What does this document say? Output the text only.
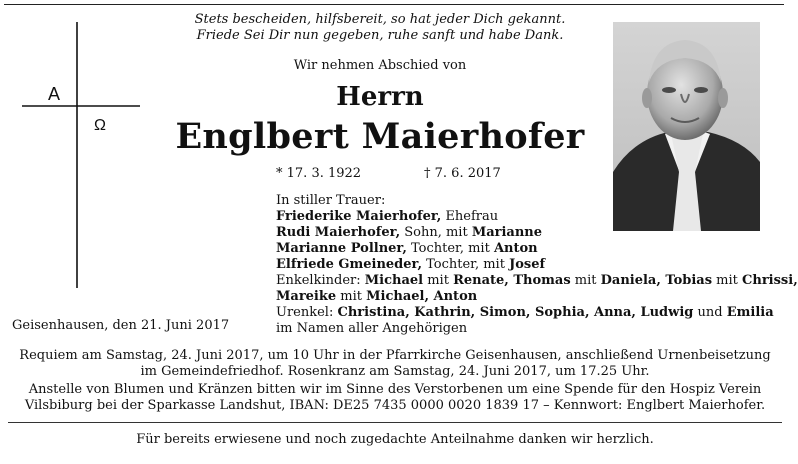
A
Ω
Stets bescheiden, hilfsbereit, so hat jeder Dich gekannt.
Friede Sei Dir nun gegeben, ruhe sanft und habe Dank.
Wir nehmen Abschied von
Herrn
Englbert Maierhofer
* 17. 3. 1922	† 7. 6. 2017
In stiller Trauer:
Friederike Maierhofer, Ehefrau
Rudi Maierhofer, Sohn, mit Marianne
Marianne Pollner, Tochter, mit Anton
Elfriede Gmeineder, Tochter, mit Josef
Enkelkinder: Michael mit Renate, Thomas mit Daniela, Tobias mit Chrissi,
Mareike mit Michael, Anton
Urenkel: Christina, Kathrin, Simon, Sophia, Anna, Ludwig und Emilia
im Namen aller Angehörigen
Geisenhausen, den 21. Juni 2017
Requiem am Samstag, 24. Juni 2017, um 10 Uhr in der Pfarrkirche Geisenhausen, anschließend Urnenbeisetzung
im Gemeindefriedhof. Rosenkranz am Samstag, 24. Juni 2017, um 17.25 Uhr.
Anstelle von Blumen und Kränzen bitten wir im Sinne des Verstorbenen um eine Spende für den Hospiz Verein
Vilsbiburg bei der Sparkasse Landshut, IBAN: DE25 7435 0000 0020 1839 17 – Kennwort: Englbert Maierhofer.
Für bereits erwiesene und noch zugedachte Anteilnahme danken wir herzlich.
